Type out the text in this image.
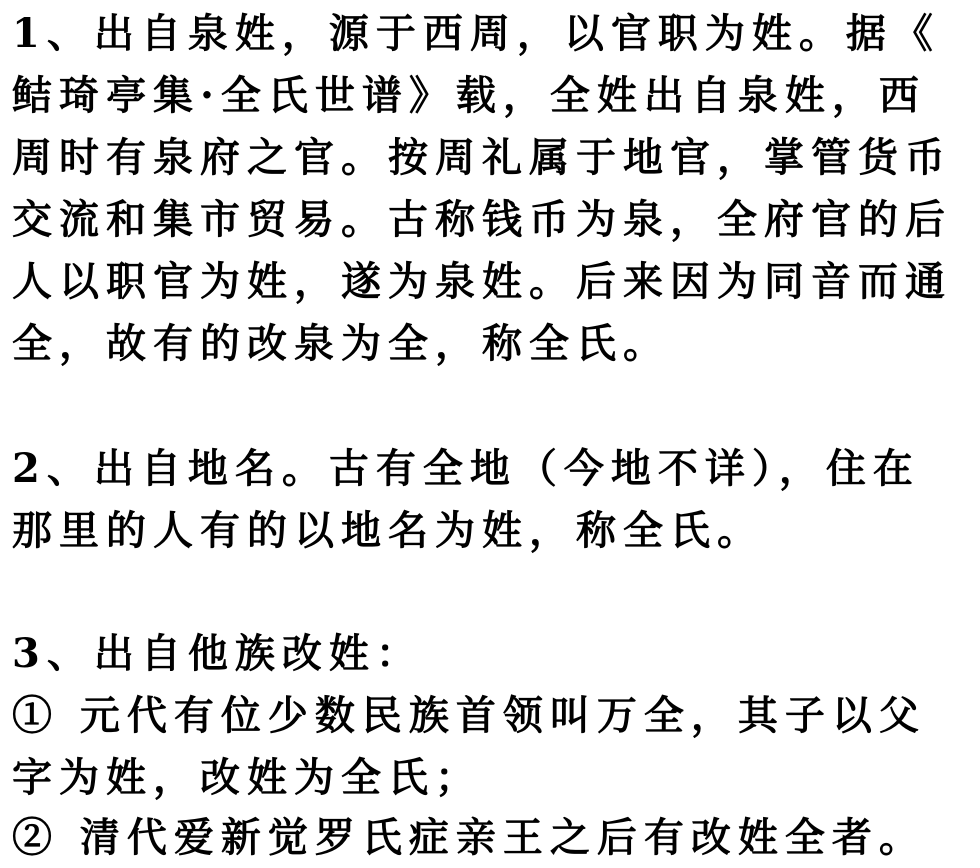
1、出自泉姓，源于西周，以官职为姓。据《
鲒琦亭集·全氏世谱》载，全姓出自泉姓，西
周时有泉府之官。按周礼属于地官，掌管货币
交流和集市贸易。古称钱币为泉，全府官的后
人以职官为姓，遂为泉姓。后来因为同音而通
全，故有的改泉为全，称全氏。
2、出自地名。古有全地（今地不详），住在
那里的人有的以地名为姓，称全氏。
3、出自他族改姓：
① 元代有位少数民族首领叫万全，其子以父
字为姓，改姓为全氏；
② 清代爱新觉罗氏症亲王之后有改姓全者。
